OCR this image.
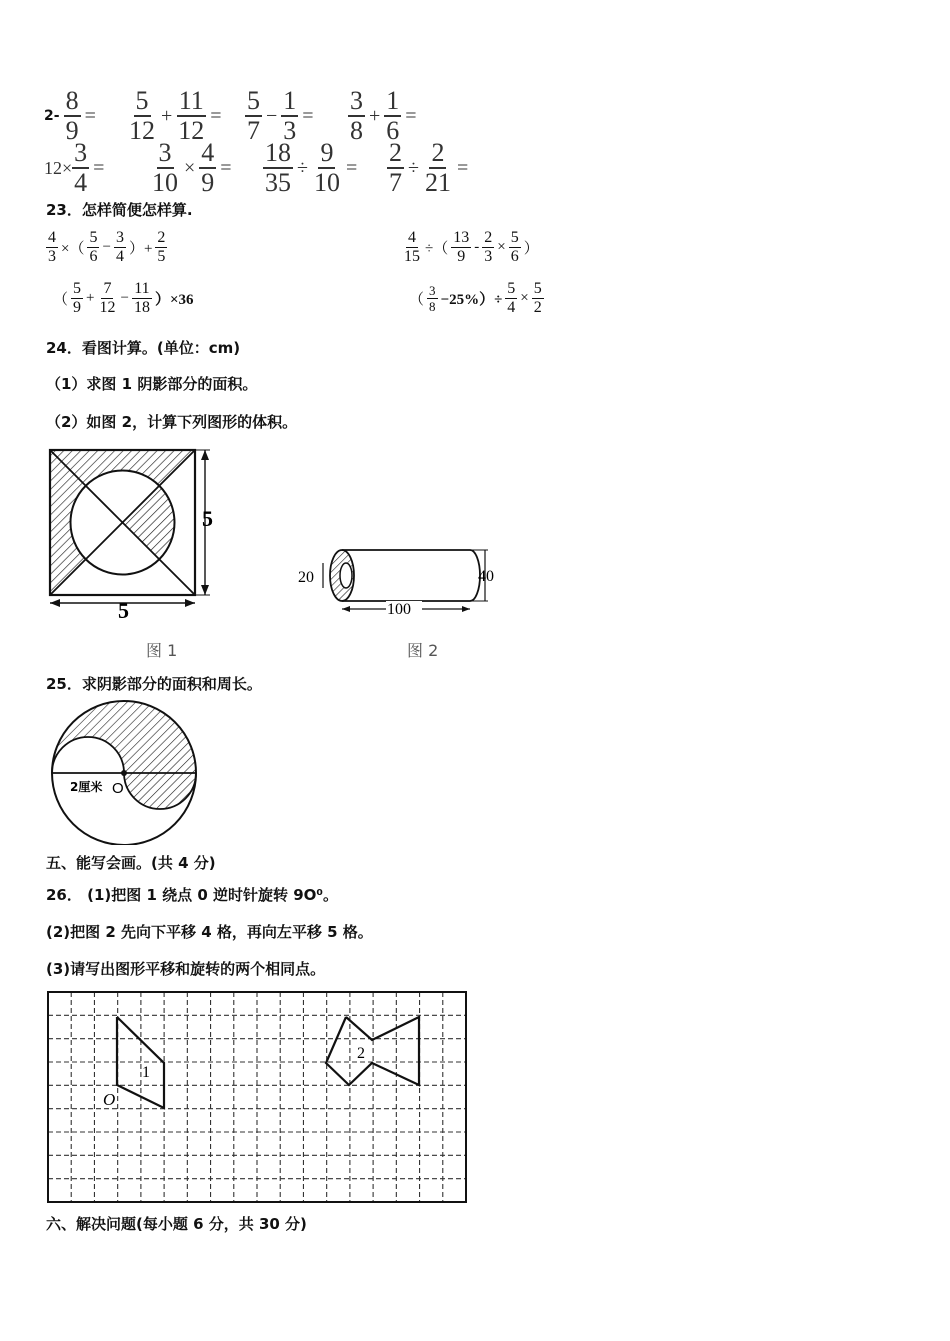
$2- \frac{8}{9} = \frac{5}{12} + \frac{11}{12} = \frac{5}{7} - \frac{1}{3} = \frac{3}{8} + \frac{1}{6}$ =
$12\times \frac{3}{4} = \frac{3}{10} \times \frac{4}{9} = \frac{18}{35} \div \frac{9}{10} = \frac{2}{7} \div \frac{2}{21}$ =
23．怎样简便怎样算.
$\frac{4}{3}$ ×（ $\frac{5}{6} - \frac{3}{4}$ ）+ $\frac{2}{5}$	$\frac{4}{15}$ ÷（ $\frac{13}{9} - \frac{2}{3} \times \frac{5}{6}$ ）
（ $\frac{5}{9} + \frac{7}{12} - \frac{11}{18} )\times 36$	（ $\frac{3}{8} -25\%)\div \frac{5}{4} \times \frac{5}{2}$
24．看图计算。(单位：cm)
（1）求图 1 阴影部分的面积。
（2）如图 2，计算下列图形的体积。
5
5
图 1
20	40
100
图 2
25．求阴影部分的面积和周长。
2厘米 O
五、能写会画。(共 4 分)
26． (1)把图 1 绕点 0 逆时针旋转 9O⁰。
(2)把图 2 先向下平移 4 格，再向左平移 5 格。
(3)请写出图形平移和旋转的两个相同点。
1
O
2
六、解决问题(每小题 6 分，共 30 分)
